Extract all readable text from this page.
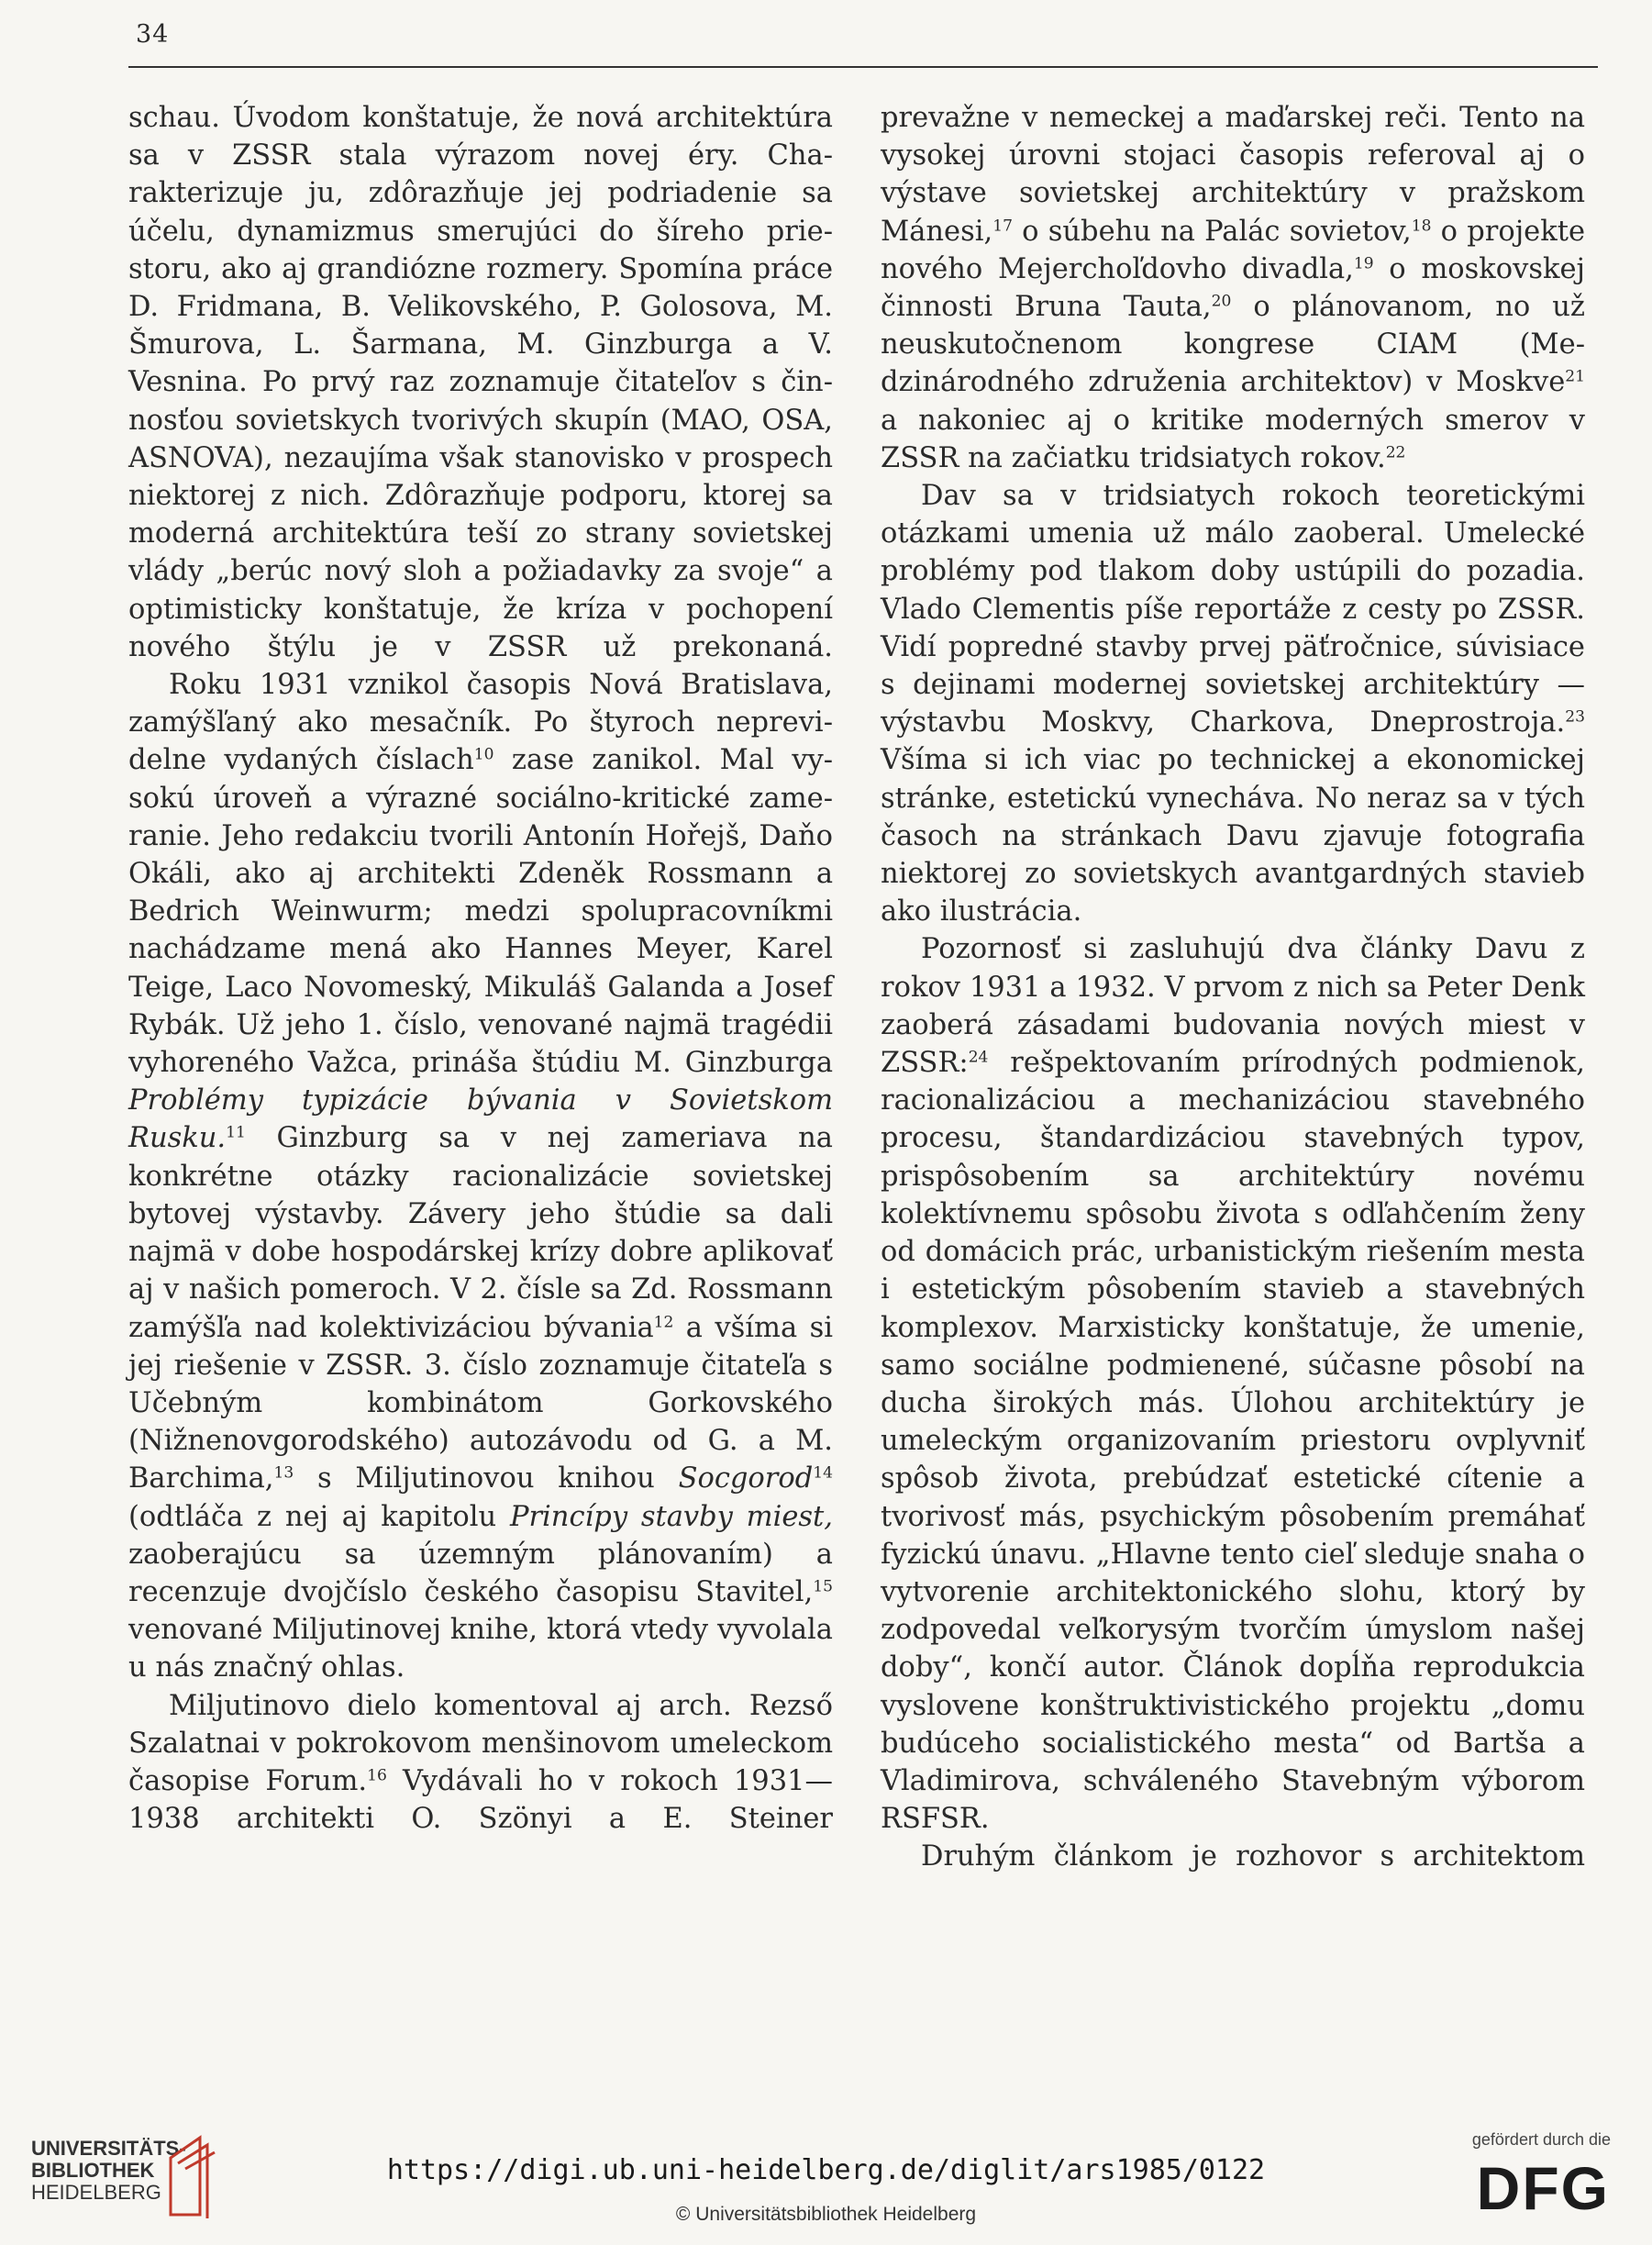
34

schau. Úvodom konštatuje, že nová architektúra sa v ZSSR stala výrazom novej éry. Charakterizuje ju, zdôrazňuje jej podriadenie sa účelu, dynamizmus smerujúci do šíreho priestoru, ako aj grandiózne rozmery. Spomína práce D. Fridmana, B. Velikovského, P. Golosova, M. Šmurova, L. Šarmana, M. Ginzburga a V. Vesnina. Po prvý raz zoznamuje čitateľov s činnosťou sovietskych tvorivých skupín (MAO, OSA, ASNOVA), nezaujíma však stanovisko v prospech niektorej z nich. Zdôrazňuje podporu, ktorej sa moderná architektúra teší zo strany sovietskej vlády „berúc nový sloh a požiadavky za svoje“ a optimisticky konštatuje, že kríza v pochopení nového štýlu je v ZSSR už prekonaná.

Roku 1931 vznikol časopis Nová Bratislava, zamýšľaný ako mesačník. Po štyroch neprevidelne vydaných číslach$^{10}$ zase zanikol. Mal vysokú úroveň a výrazné sociálno-kritické zameranie. Jeho redakciu tvorili Antonín Hořejš, Daňo Okáli, ako aj architekti Zdeněk Rossmann a Bedrich Weinwurm; medzi spolupracovníkmi nachádzame mená ako Hannes Meyer, Karel Teige, Laco Novomeský, Mikuláš Galanda a Josef Rybák. Už jeho 1. číslo, venované najmä tragédii vyhoreného Važca, prináša štúdiu M. Ginzburga Problémy typizácie bývania v Sovietskom Rusku.$^{11}$ Ginzburg sa v nej zameriava na konkrétne otázky racionalizácie sovietskej bytovej výstavby. Závery jeho štúdie sa dali najmä v dobe hospodárskej krízy dobre aplikovať aj v našich pomeroch. V 2. čísle sa Zd. Rossmann zamýšľa nad kolektivizáciou bývania$^{12}$ a všíma si jej riešenie v ZSSR. 3. číslo zoznamuje čitateľa s Učebným kombinátom Gorkovského (Nižnenovgorodského) autozávodu od G. a M. Barchima,$^{13}$ s Miljutinovou knihou Socgorod$^{14}$ (odtláča z nej aj kapitolu Princípy stavby miest, zaoberajúcu sa územným plánovaním) a recenzuje dvojčíslo českého časopisu Stavitel,$^{15}$ venované Miljutinovej knihe, ktorá vtedy vyvolala u nás značný ohlas.

Miljutinovo dielo komentoval aj arch. Rezső Szalatnai v pokrokovom menšinovom umeleckom časopise Forum.$^{16}$ Vydávali ho v rokoch 1931—1938 architekti O. Szönyi a E. Steiner

prevažne v nemeckej a maďarskej reči. Tento na vysokej úrovni stojaci časopis referoval aj o výstave sovietskej architektúry v pražskom Mánesi,$^{17}$ o súbehu na Palác sovietov,$^{18}$ o projekte nového Mejerchoľdovho divadla,$^{19}$ o moskovskej činnosti Bruna Tauta,$^{20}$ o plánovanom, no už neuskutočnenom kongrese CIAM (Medzinárodného združenia architektov) v Moskve$^{21}$ a nakoniec aj o kritike moderných smerov v ZSSR na začiatku tridsiatych rokov.$^{22}$

Dav sa v tridsiatych rokoch teoretickými otázkami umenia už málo zaoberal. Umelecké problémy pod tlakom doby ustúpili do pozadia. Vlado Clementis píše reportáže z cesty po ZSSR. Vidí popredné stavby prvej päťročnice, súvisiace s dejinami modernej sovietskej architektúry — výstavbu Moskvy, Charkova, Dneprostroja.$^{23}$ Všíma si ich viac po technickej a ekonomickej stránke, estetickú vynecháva. No neraz sa v tých časoch na stránkach Davu zjavuje fotografia niektorej zo sovietskych avantgardných stavieb ako ilustrácia.

Pozornosť si zasluhujú dva články Davu z rokov 1931 a 1932. V prvom z nich sa Peter Denk zaoberá zásadami budovania nových miest v ZSSR:$^{24}$ rešpektovaním prírodných podmienok, racionalizáciou a mechanizáciou stavebného procesu, štandardizáciou stavebných typov, prispôsobením sa architektúry novému kolektívnemu spôsobu života s odľahčením ženy od domácich prác, urbanistickým riešením mesta i estetickým pôsobením stavieb a stavebných komplexov. Marxisticky konštatuje, že umenie, samo sociálne podmienené, súčasne pôsobí na ducha širokých más. Úlohou architektúry je umeleckým organizovaním priestoru ovplyvniť spôsob života, prebúdzať estetické cítenie a tvorivosť más, psychickým pôsobením premáhať fyzickú únavu. „Hlavne tento cieľ sleduje snaha o vytvorenie architektonického slohu, ktorý by zodpovedal veľkorysým tvorčím úmyslom našej doby“, končí autor. Článok dopĺňa reprodukcia vyslovene konštruktivistického projektu „domu budúceho socialistického mesta“ od Bartša a Vladimirova, schváleného Stavebným výborom RSFSR.

Druhým článkom je rozhovor s architektom

UNIVERSITÄTS-
BIBLIOTHEK
HEIDELBERG
https://digi.ub.uni-heidelberg.de/diglit/ars1985/0122
© Universitätsbibliothek Heidelberg
gefördert durch die
DFG
